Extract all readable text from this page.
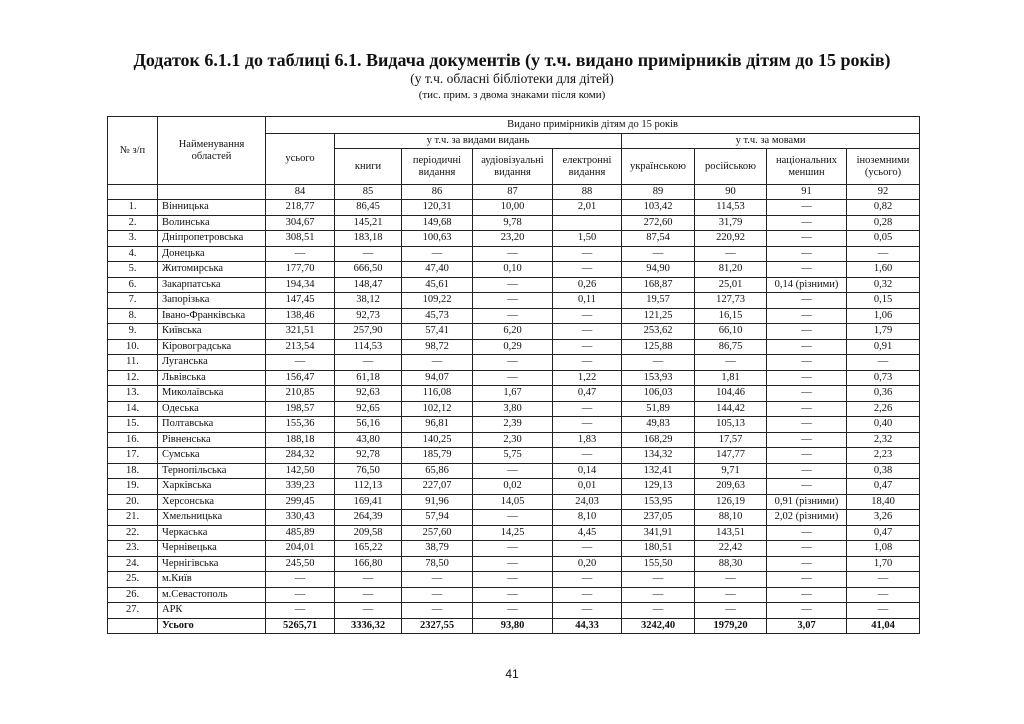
Додаток 6.1.1 до таблиці 6.1. Видача документів (у т.ч. видано примірників дітям до 15 років)
(у т.ч. обласні бібліотеки для дітей)
(тис. прим. з двома знаками після коми)
№ з/п	Найменування областей	Видано примірників дітям до 15 років								
		усього	у т.ч. за видами видань				у т.ч. за мовами			
			книги	періодичні видання	аудіовізуальні видання	електронні видання	українською	російською	національних меншин	іноземними (усього)
		84	85	86	87	88	89	90	91	92
1.	Вінницька	218,77	86,45	120,31	10,00	2,01	103,42	114,53	—	0,82
2.	Волинська	304,67	145,21	149,68	9,78		272,60	31,79	—	0,28
3.	Дніпропетровська	308,51	183,18	100,63	23,20	1,50	87,54	220,92	—	0,05
4.	Донецька	—	—	—	—	—	—	—	—	—
5.	Житомирська	177,70	666,50	47,40	0,10	—	94,90	81,20	—	1,60
6.	Закарпатська	194,34	148,47	45,61	—	0,26	168,87	25,01	0,14 (різними)	0,32
7.	Запорізька	147,45	38,12	109,22	—	0,11	19,57	127,73	—	0,15
8.	Івано-Франківська	138,46	92,73	45,73	—	—	121,25	16,15	—	1,06
9.	Київська	321,51	257,90	57,41	6,20	—	253,62	66,10	—	1,79
10.	Кіровоградська	213,54	114,53	98,72	0,29	—	125,88	86,75	—	0,91
11.	Луганська	—	—	—	—	—	—	—	—	—
12.	Львівська	156,47	61,18	94,07	—	1,22	153,93	1,81	—	0,73
13.	Миколаївська	210,85	92,63	116,08	1,67	0,47	106,03	104,46	—	0,36
14.	Одеська	198,57	92,65	102,12	3,80	—	51,89	144,42	—	2,26
15.	Полтавська	155,36	56,16	96,81	2,39	—	49,83	105,13	—	0,40
16.	Рівненська	188,18	43,80	140,25	2,30	1,83	168,29	17,57	—	2,32
17.	Сумська	284,32	92,78	185,79	5,75	—	134,32	147,77	—	2,23
18.	Тернопільська	142,50	76,50	65,86	—	0,14	132,41	9,71	—	0,38
19.	Харківська	339,23	112,13	227,07	0,02	0,01	129,13	209,63	—	0,47
20.	Херсонська	299,45	169,41	91,96	14,05	24,03	153,95	126,19	0,91 (різними)	18,40
21.	Хмельницька	330,43	264,39	57,94	—	8,10	237,05	88,10	2,02 (різними)	3,26
22.	Черкаська	485,89	209,58	257,60	14,25	4,45	341,91	143,51	—	0,47
23.	Чернівецька	204,01	165,22	38,79	—	—	180,51	22,42	—	1,08
24.	Чернігівська	245,50	166,80	78,50	—	0,20	155,50	88,30	—	1,70
25.	м.Київ	—	—	—	—	—	—	—	—	—
26.	м.Севастополь	—	—	—	—	—	—	—	—	—
27.	АРК	—	—	—	—	—	—	—	—	—
	Усього	5265,71	3336,32	2327,55	93,80	44,33	3242,40	1979,20	3,07	41,04
41
